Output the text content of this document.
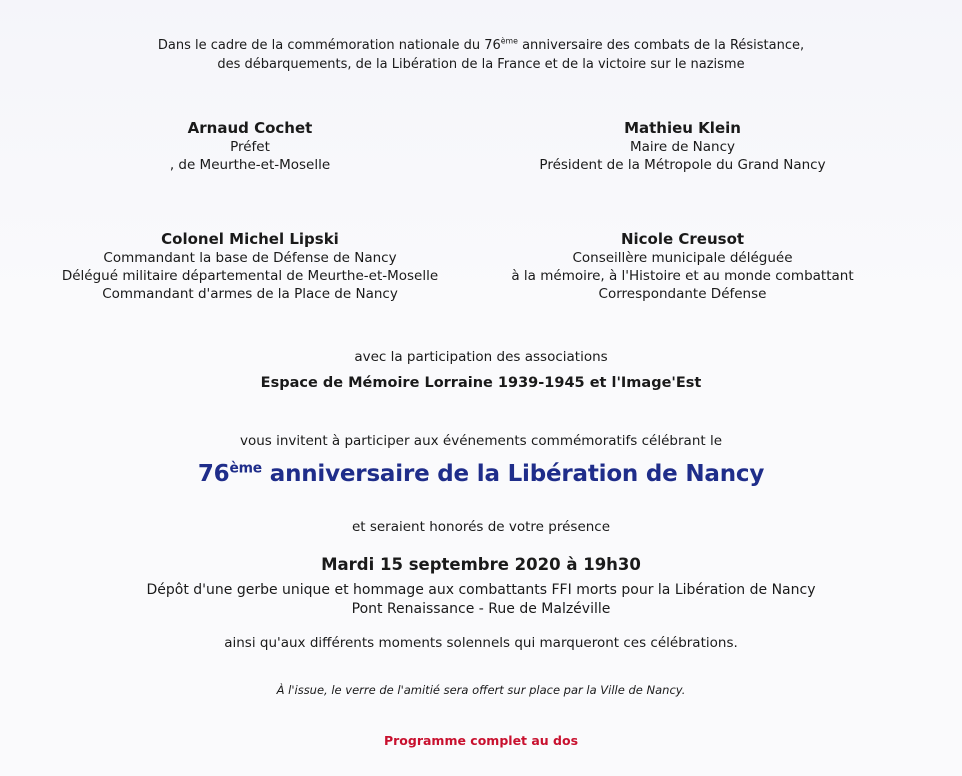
Dans le cadre de la commémoration nationale du 76ème anniversaire des combats de la Résistance,
des débarquements, de la Libération de la France et de la victoire sur le nazisme
Arnaud Cochet
Préfet
, de Meurthe-et-Moselle
Mathieu Klein
Maire de Nancy
Président de la Métropole du Grand Nancy
Colonel Michel Lipski
Commandant la base de Défense de Nancy
Délégué militaire départemental de Meurthe-et-Moselle
Commandant d'armes de la Place de Nancy
Nicole Creusot
Conseillère municipale déléguée
à la mémoire, à l'Histoire et au monde combattant
Correspondante Défense
avec la participation des associations
Espace de Mémoire Lorraine 1939-1945 et l'Image'Est
vous invitent à participer aux événements commémoratifs célébrant le
76ème anniversaire de la Libération de Nancy
et seraient honorés de votre présence
Mardi 15 septembre 2020 à 19h30
Dépôt d'une gerbe unique et hommage aux combattants FFI morts pour la Libération de Nancy
Pont Renaissance - Rue de Malzéville
ainsi qu'aux différents moments solennels qui marqueront ces célébrations.
À l'issue, le verre de l'amitié sera offert sur place par la Ville de Nancy.
Programme complet au dos
